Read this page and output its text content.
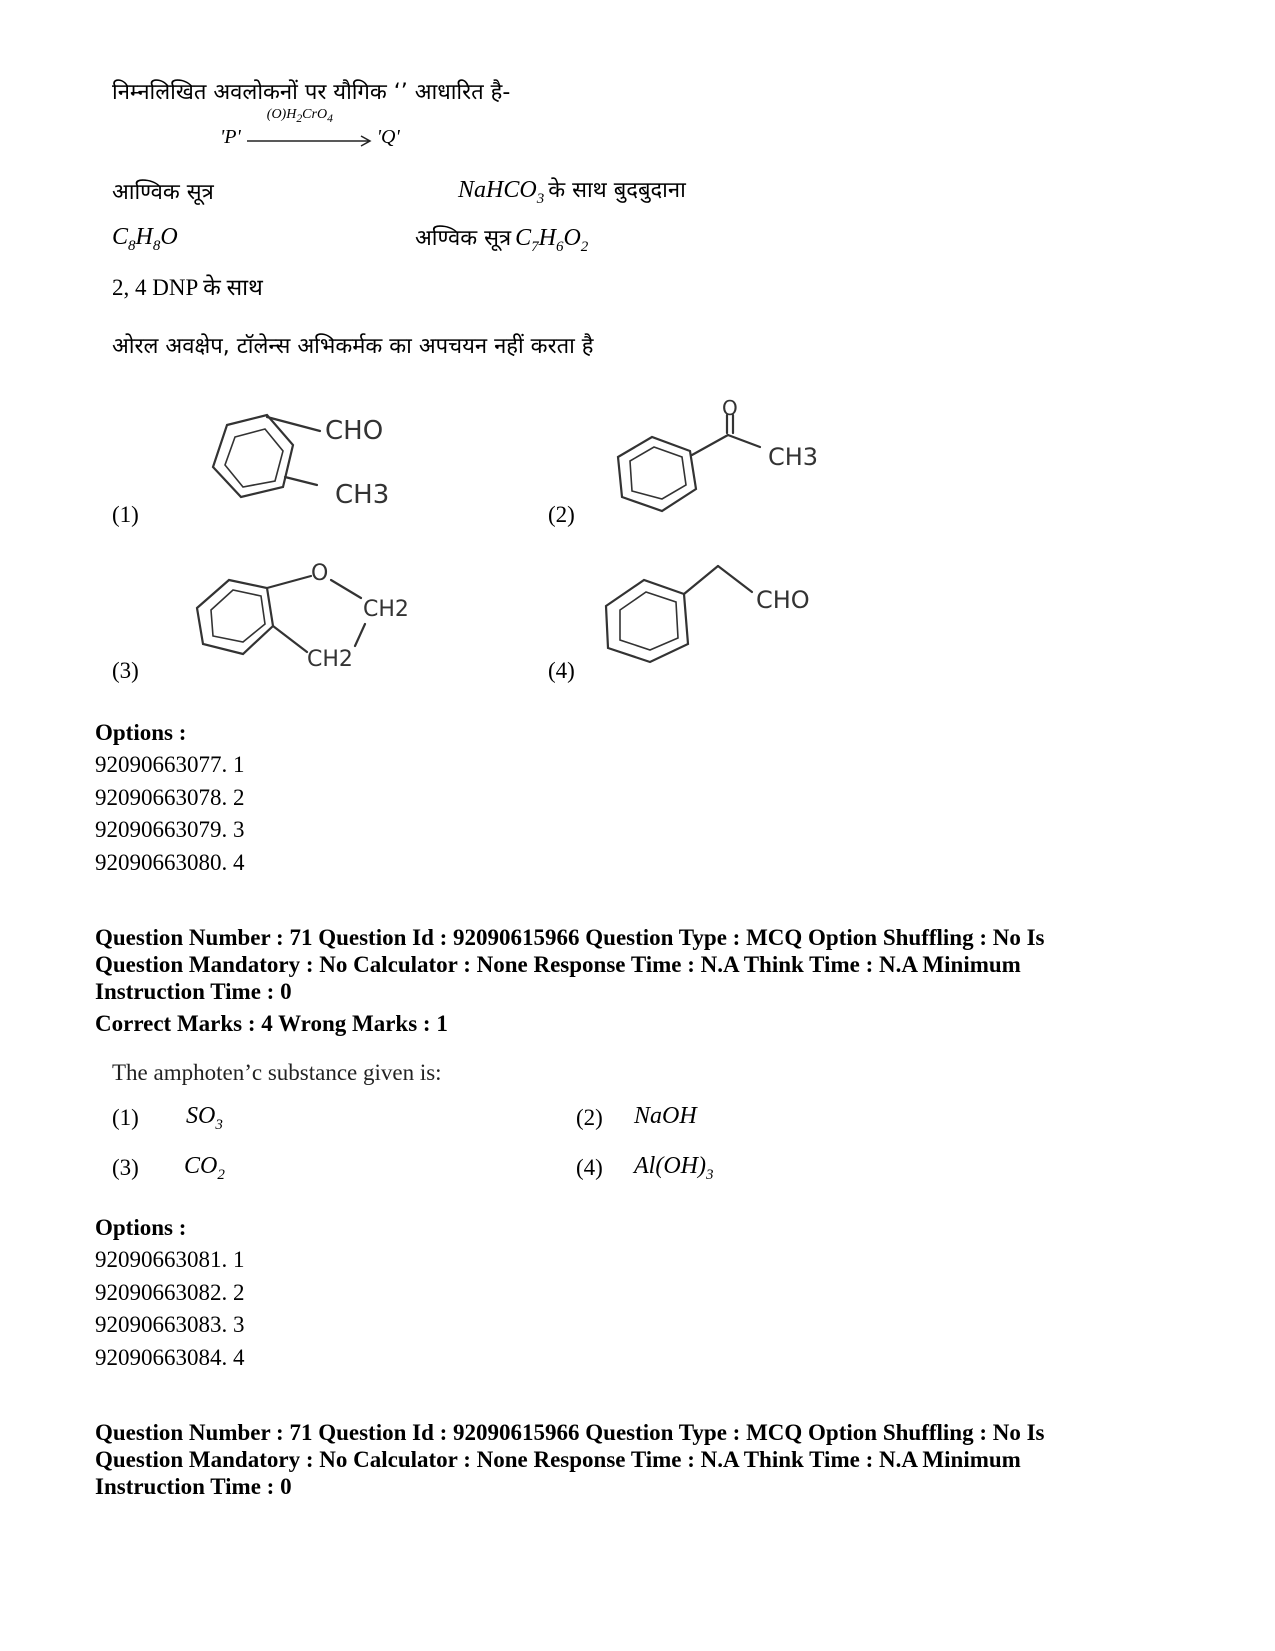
निम्नलिखित अवलोकनों पर यौगिक ‘’ आधारित है-
'P'
$(O)H_2CrO_4$
'Q'
आण्विक सूत्र	NaHCO$_3$ के साथ बुदबुदाना
$C_8H_8O$	अण्विक सूत्र $C_7H_6O_2$
2, 4 DNP के साथ
ओरल अवक्षेप, टॉलेन्स अभिकर्मक का अपचयन नहीं करता है
CHO
CH3
(1)
O
CH3
(2)
O
CH2
CH2
(3)
CHO
(4)
Options :
92090663077. 1
92090663078. 2
92090663079. 3
92090663080. 4
Question Number : 71 Question Id : 92090615966 Question Type : MCQ Option Shuffling : No Is
Question Mandatory : No Calculator : None Response Time : N.A Think Time : N.A Minimum
Instruction Time : 0
Correct Marks : 4 Wrong Marks : 1
The amphoten’c substance given is:
(1) $SO_3$	(2) NaOH
(3) $CO_2$	(4) $Al(OH)_3$
Options :
92090663081. 1
92090663082. 2
92090663083. 3
92090663084. 4
Question Number : 71 Question Id : 92090615966 Question Type : MCQ Option Shuffling : No Is
Question Mandatory : No Calculator : None Response Time : N.A Think Time : N.A Minimum
Instruction Time : 0
